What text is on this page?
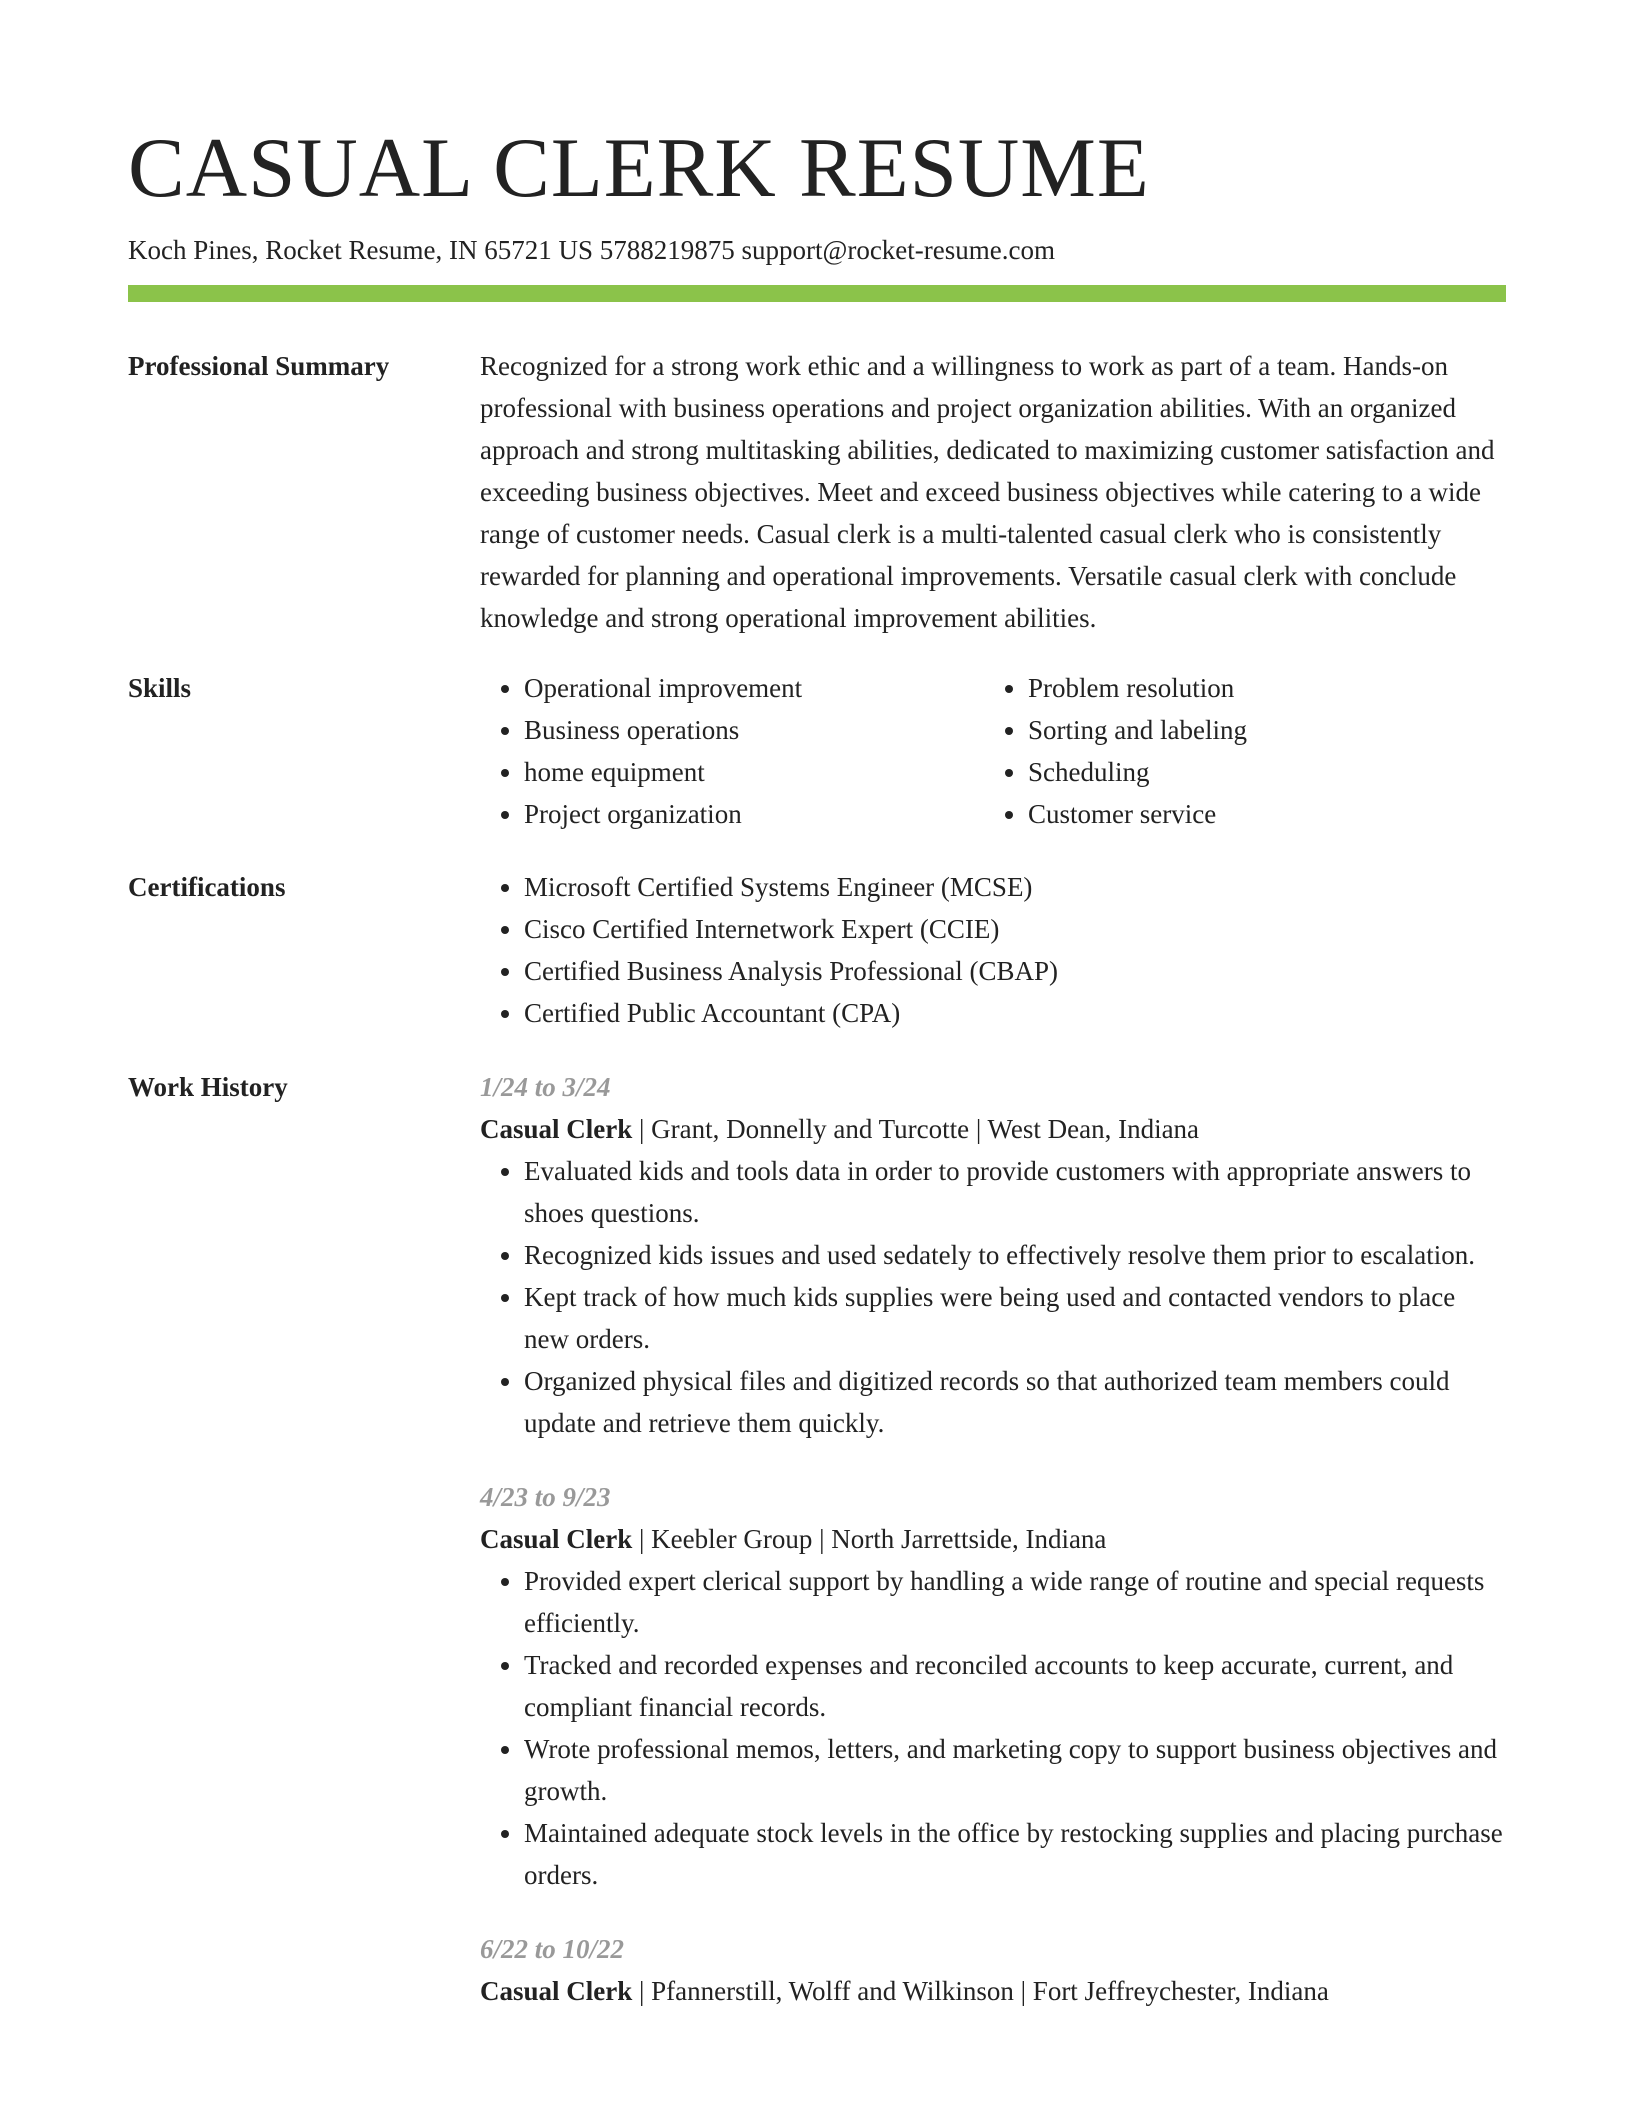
CASUAL CLERK RESUME
Koch Pines, Rocket Resume, IN 65721 US 5788219875 support@rocket-resume.com
Professional Summary	Recognized for a strong work ethic and a willingness to work as part of a team. Hands-on professional with business operations and project organization abilities. With an organized approach and strong multitasking abilities, dedicated to maximizing customer satisfaction and exceeding business objectives. Meet and exceed business objectives while catering to a wide range of customer needs. Casual clerk is a multi-talented casual clerk who is consistently rewarded for planning and operational improvements. Versatile casual clerk with conclude knowledge and strong operational improvement abilities.

Skills	• Operational improvement
• Business operations
• home equipment
• Project organization
• Problem resolution
• Sorting and labeling
• Scheduling
• Customer service
Certifications	• Microsoft Certified Systems Engineer (MCSE)
• Cisco Certified Internetwork Expert (CCIE)
• Certified Business Analysis Professional (CBAP)
• Certified Public Accountant (CPA)
Work History	1/24 to 3/24
Casual Clerk | Grant, Donnelly and Turcotte | West Dean, Indiana
• Evaluated kids and tools data in order to provide customers with appropriate answers to shoes questions.
• Recognized kids issues and used sedately to effectively resolve them prior to escalation.
• Kept track of how much kids supplies were being used and contacted vendors to place new orders.
• Organized physical files and digitized records so that authorized team members could update and retrieve them quickly.
4/23 to 9/23
Casual Clerk | Keebler Group | North Jarrettside, Indiana
• Provided expert clerical support by handling a wide range of routine and special requests efficiently.
• Tracked and recorded expenses and reconciled accounts to keep accurate, current, and compliant financial records.
• Wrote professional memos, letters, and marketing copy to support business objectives and growth.
• Maintained adequate stock levels in the office by restocking supplies and placing purchase orders.
6/22 to 10/22
Casual Clerk | Pfannerstill, Wolff and Wilkinson | Fort Jeffreychester, Indiana
